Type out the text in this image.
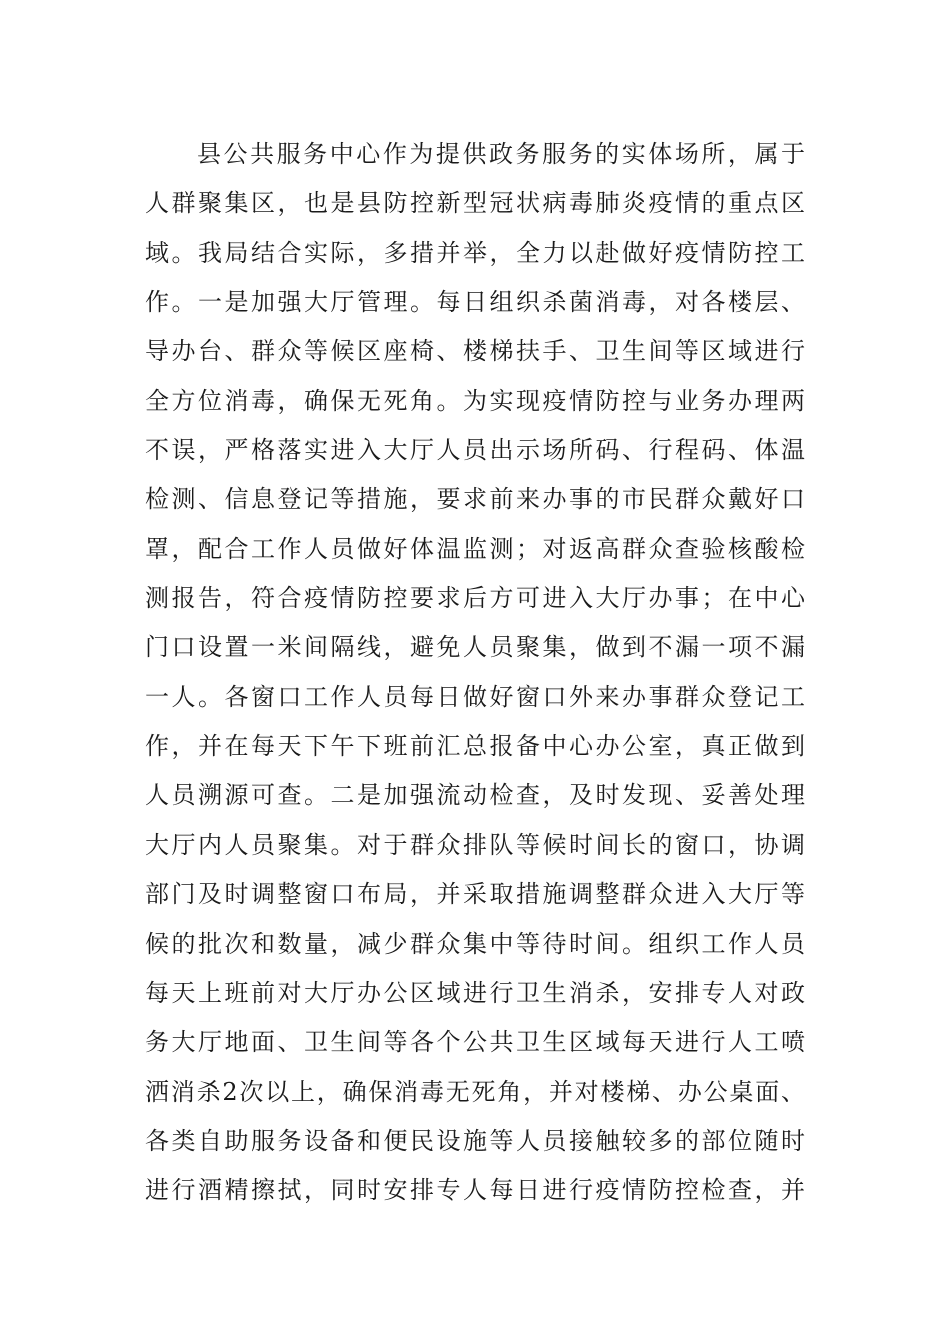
县公共服务中心作为提供政务服务的实体场所，属于
人群聚集区，也是县防控新型冠状病毒肺炎疫情的重点区
域。我局结合实际，多措并举，全力以赴做好疫情防控工
作。一是加强大厅管理。每日组织杀菌消毒，对各楼层、
导办台、群众等候区座椅、楼梯扶手、卫生间等区域进行
全方位消毒，确保无死角。为实现疫情防控与业务办理两
不误，严格落实进入大厅人员出示场所码、行程码、体温
检测、信息登记等措施，要求前来办事的市民群众戴好口
罩，配合工作人员做好体温监测；对返高群众查验核酸检
测报告，符合疫情防控要求后方可进入大厅办事；在中心
门口设置一米间隔线，避免人员聚集，做到不漏一项不漏
一人。各窗口工作人员每日做好窗口外来办事群众登记工
作，并在每天下午下班前汇总报备中心办公室，真正做到
人员溯源可查。二是加强流动检查，及时发现、妥善处理
大厅内人员聚集。对于群众排队等候时间长的窗口，协调
部门及时调整窗口布局，并采取措施调整群众进入大厅等
候的批次和数量，减少群众集中等待时间。组织工作人员
每天上班前对大厅办公区域进行卫生消杀，安排专人对政
务大厅地面、卫生间等各个公共卫生区域每天进行人工喷
洒消杀2次以上，确保消毒无死角，并对楼梯、办公桌面、
各类自助服务设备和便民设施等人员接触较多的部位随时
进行酒精擦拭，同时安排专人每日进行疫情防控检查，并
